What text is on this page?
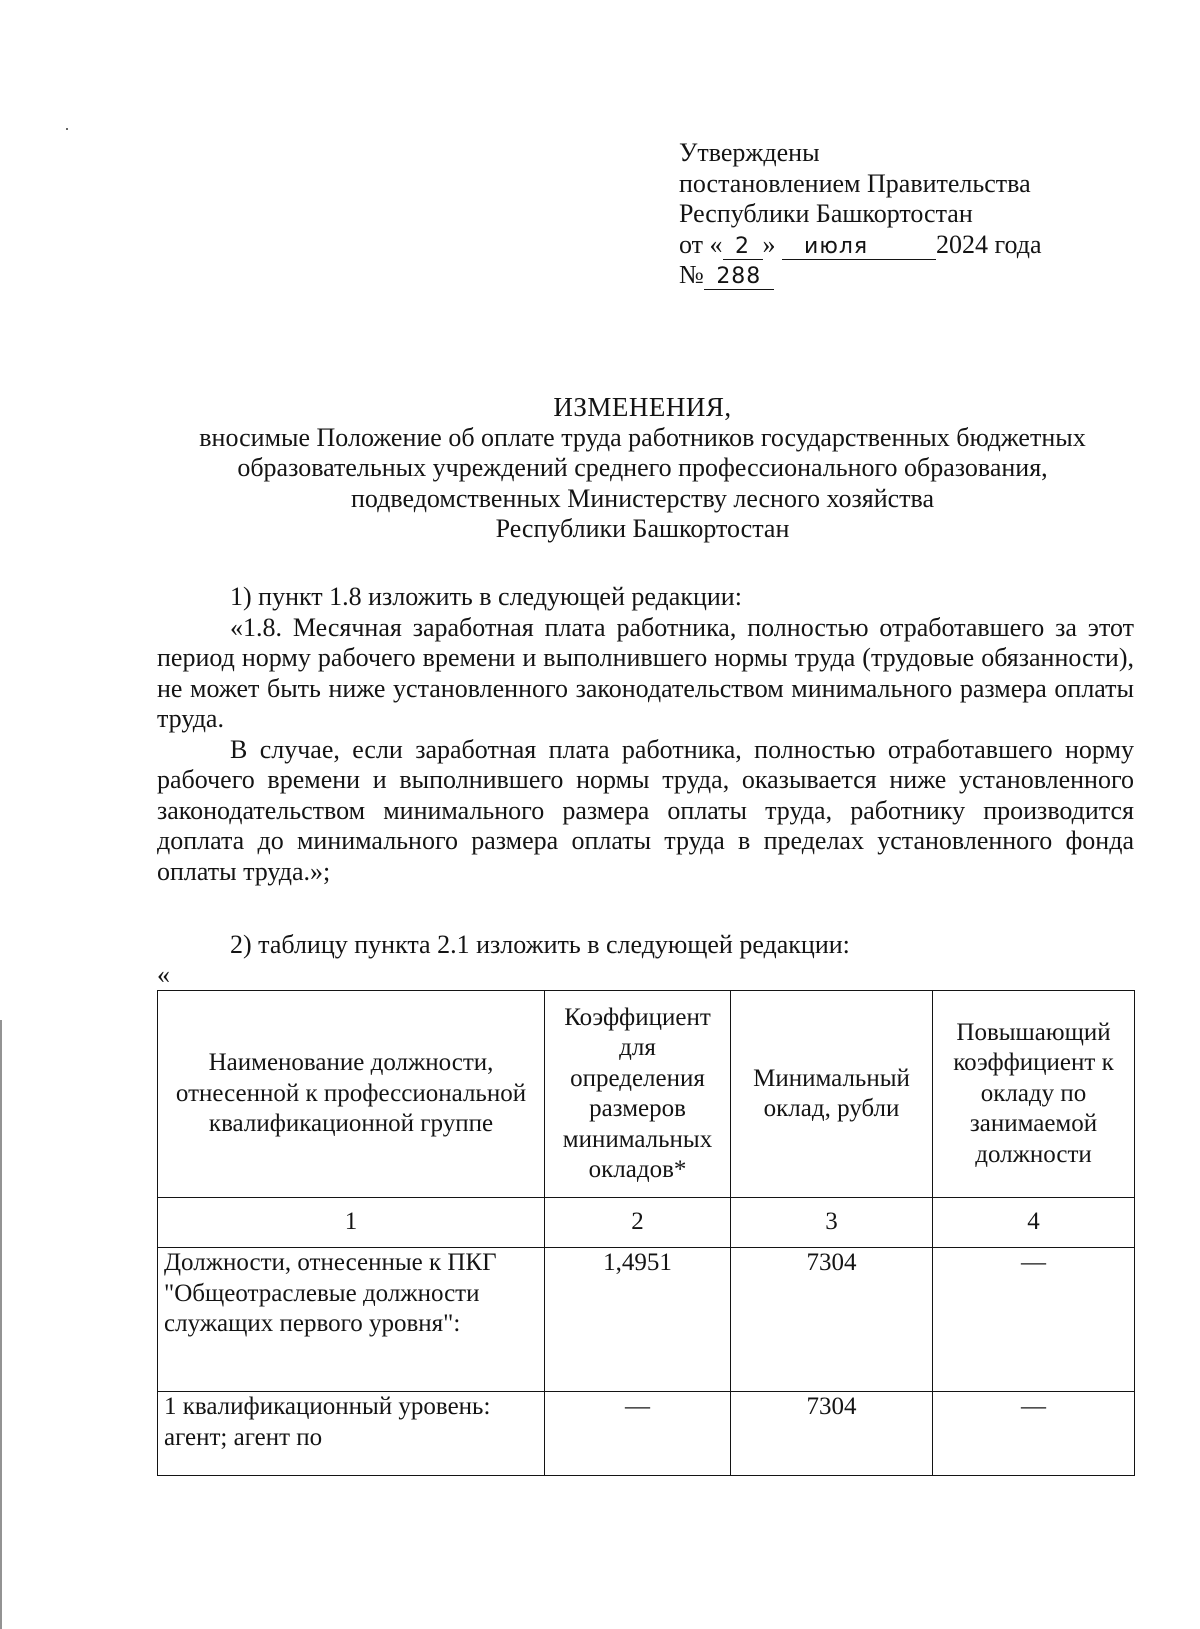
Утверждены
постановлением Правительства
Республики Башкортостан
от « 2 » июля	2024 года
№ 288
ИЗМЕНЕНИЯ,
вносимые Положение об оплате труда работников государственных бюджетных
образовательных учреждений среднего профессионального образования,
подведомственных Министерству лесного хозяйства
Республики Башкортостан

1) пункт 1.8 изложить в следующей редакции:

«1.8. Месячная заработная плата работника, полностью отработавшего за этот период норму рабочего времени и выполнившего нормы труда (трудовые обязанности), не может быть ниже установленного законодательством минимального размера оплаты труда.

В случае, если заработная плата работника, полностью отработавшего норму рабочего времени и выполнившего нормы труда, оказывается ниже установленного законодательством минимального размера оплаты труда, работнику производится доплата до минимального размера оплаты труда в пределах установленного фонда оплаты труда.»;

2) таблицу пункта 2.1 изложить в следующей редакции:
«
Наименование должности, отнесенной к профессиональной квалификационной группе	Коэффициент для определения размеров минимальных окладов*	Минимальный оклад, рубли	Повышающий коэффициент к окладу по занимаемой должности
1	2	3	4
Должности, отнесенные к ПКГ "Общеотраслевые должности служащих первого уровня":	1,4951	7304	—
1 квалификационный уровень: агент; агент по	—	7304	—
